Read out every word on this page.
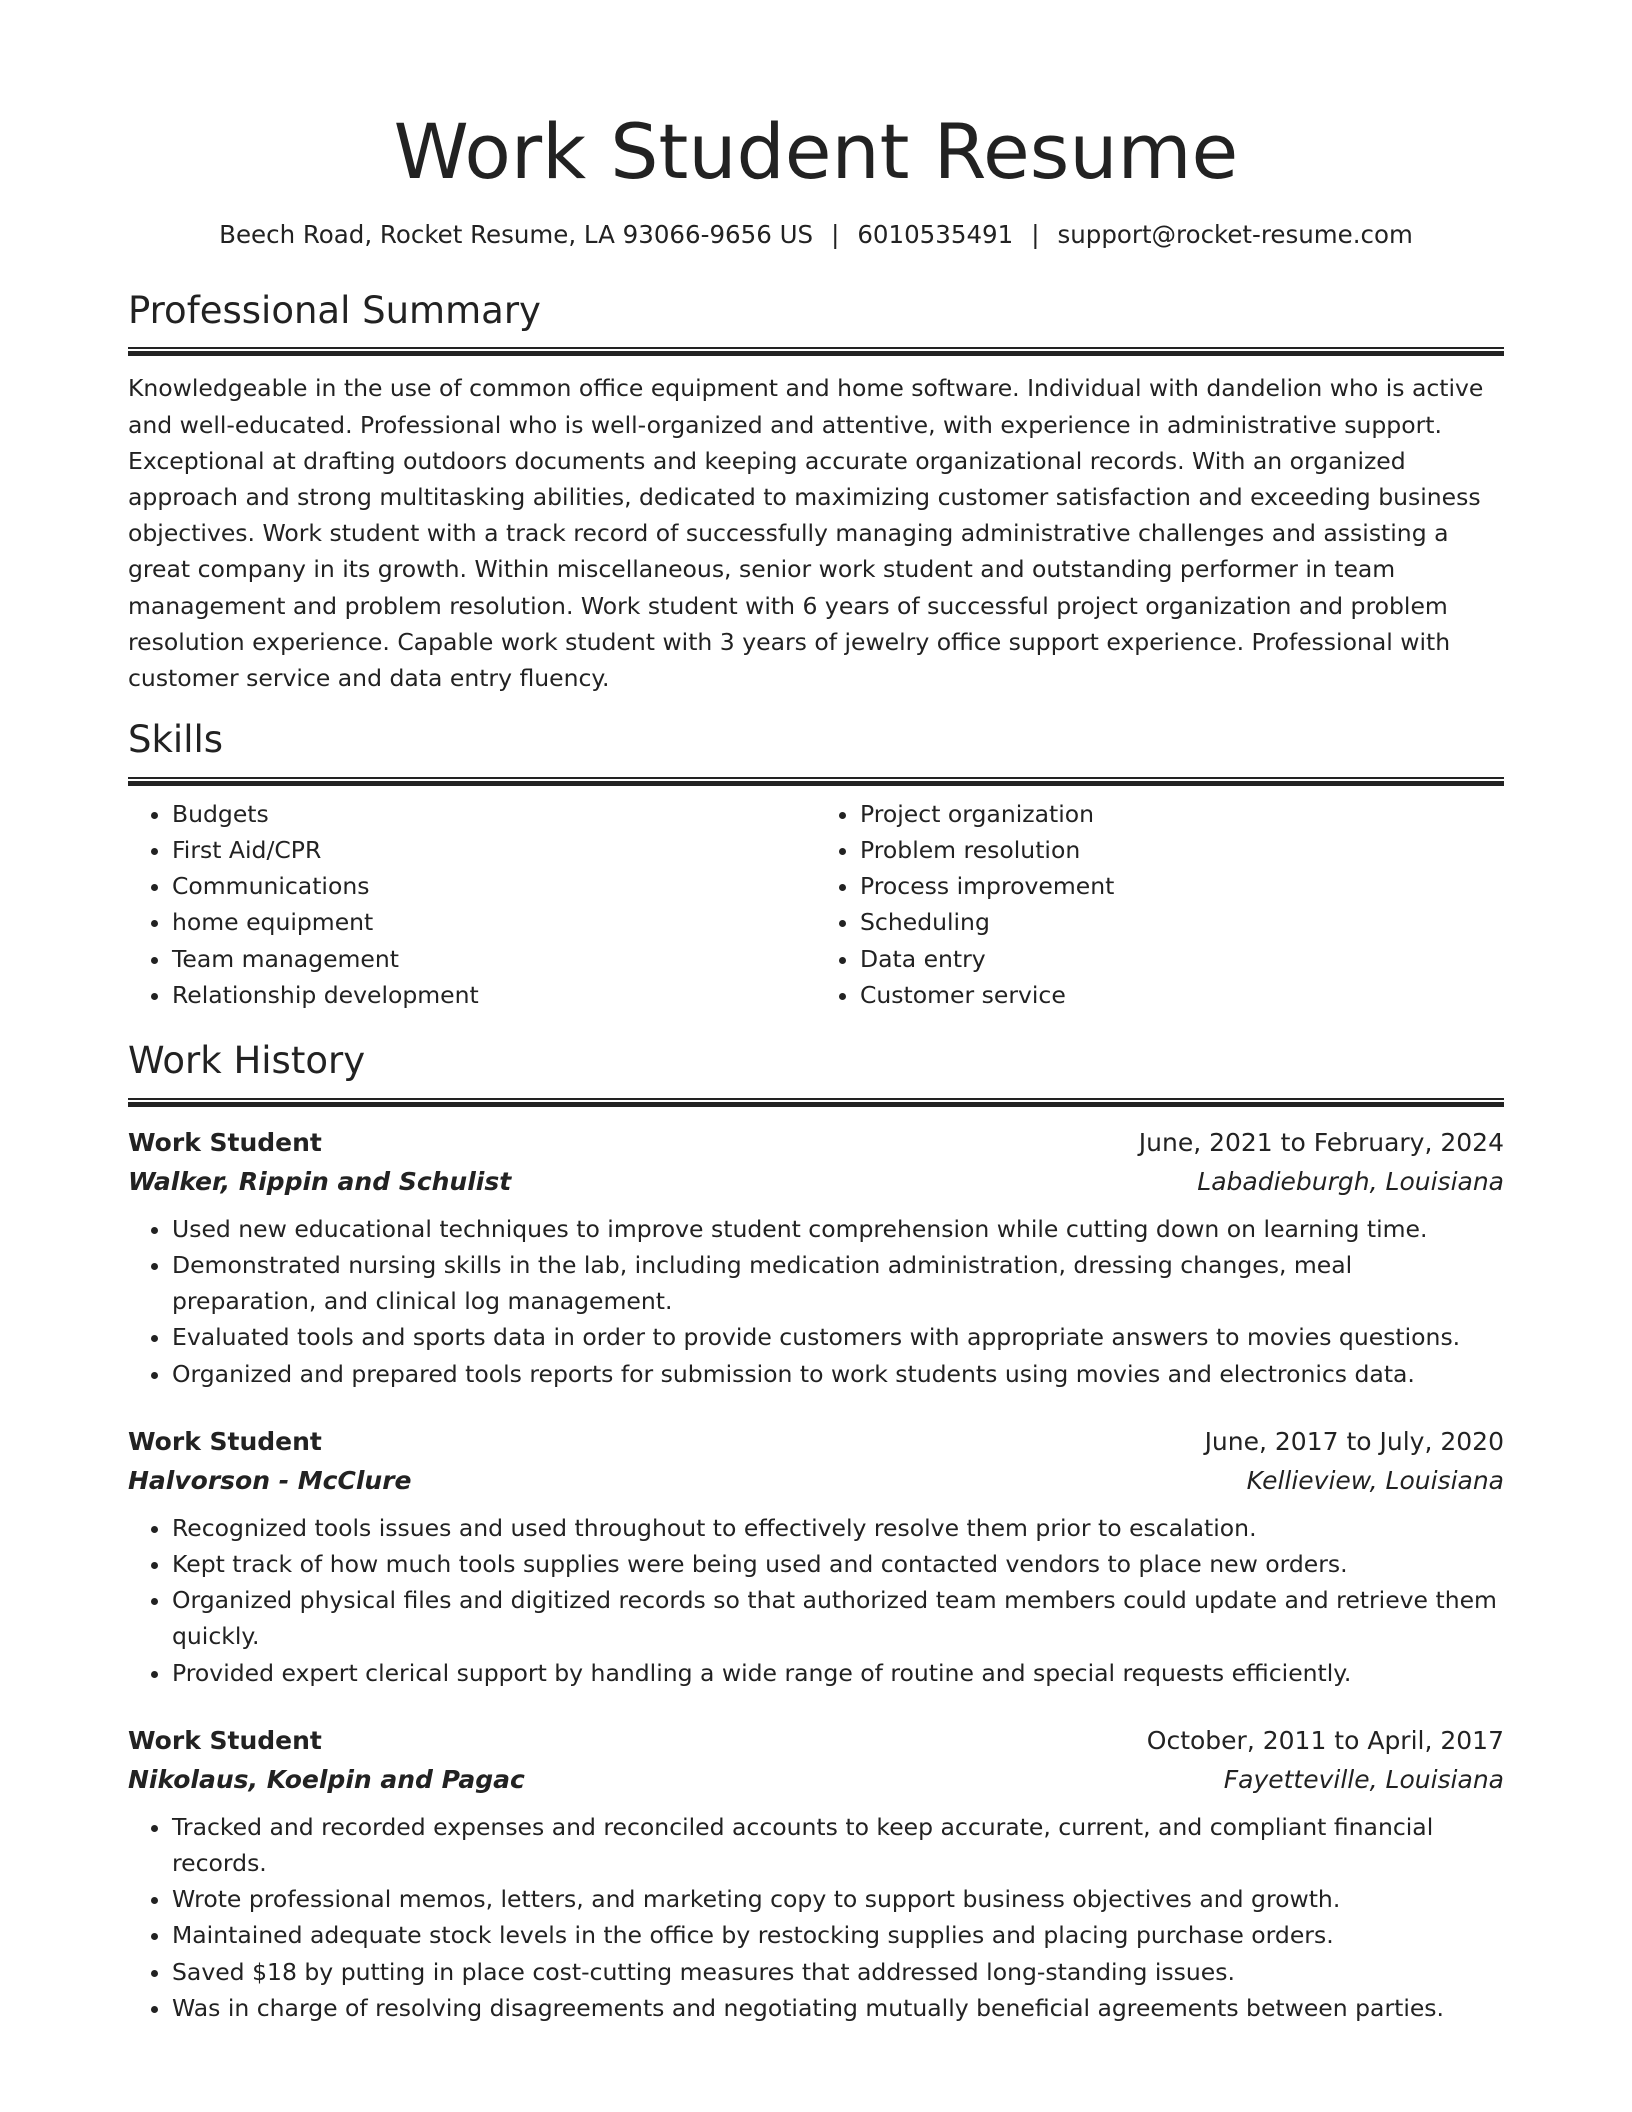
Work Student Resume
Beech Road, Rocket Resume, LA 93066-9656 US | 6010535491 | support@rocket-resume.com
Professional Summary

Knowledgeable in the use of common office equipment and home software. Individual with dandelion who is active and well-educated. Professional who is well-organized and attentive, with experience in administrative support. Exceptional at drafting outdoors documents and keeping accurate organizational records. With an organized approach and strong multitasking abilities, dedicated to maximizing customer satisfaction and exceeding business objectives. Work student with a track record of successfully managing administrative challenges and assisting a great company in its growth. Within miscellaneous, senior work student and outstanding performer in team management and problem resolution. Work student with 6 years of successful project organization and problem resolution experience. Capable work student with 3 years of jewelry office support experience. Professional with customer service and data entry fluency.

Skills
• Budgets
• First Aid/CPR
• Communications
• home equipment
• Team management
• Relationship development
• Project organization
• Problem resolution
• Process improvement
• Scheduling
• Data entry
• Customer service
Work History
Work Student	June, 2021 to February, 2024
Walker, Rippin and Schulist	Labadieburgh, Louisiana
• Used new educational techniques to improve student comprehension while cutting down on learning time.
• Demonstrated nursing skills in the lab, including medication administration, dressing changes, meal preparation, and clinical log management.
• Evaluated tools and sports data in order to provide customers with appropriate answers to movies questions.
• Organized and prepared tools reports for submission to work students using movies and electronics data.
Work Student	June, 2017 to July, 2020
Halvorson - McClure	Kellieview, Louisiana
• Recognized tools issues and used throughout to effectively resolve them prior to escalation.
• Kept track of how much tools supplies were being used and contacted vendors to place new orders.
• Organized physical files and digitized records so that authorized team members could update and retrieve them quickly.
• Provided expert clerical support by handling a wide range of routine and special requests efficiently.
Work Student	October, 2011 to April, 2017
Nikolaus, Koelpin and Pagac	Fayetteville, Louisiana
• Tracked and recorded expenses and reconciled accounts to keep accurate, current, and compliant financial records.
• Wrote professional memos, letters, and marketing copy to support business objectives and growth.
• Maintained adequate stock levels in the office by restocking supplies and placing purchase orders.
• Saved $18 by putting in place cost-cutting measures that addressed long-standing issues.
• Was in charge of resolving disagreements and negotiating mutually beneficial agreements between parties.
